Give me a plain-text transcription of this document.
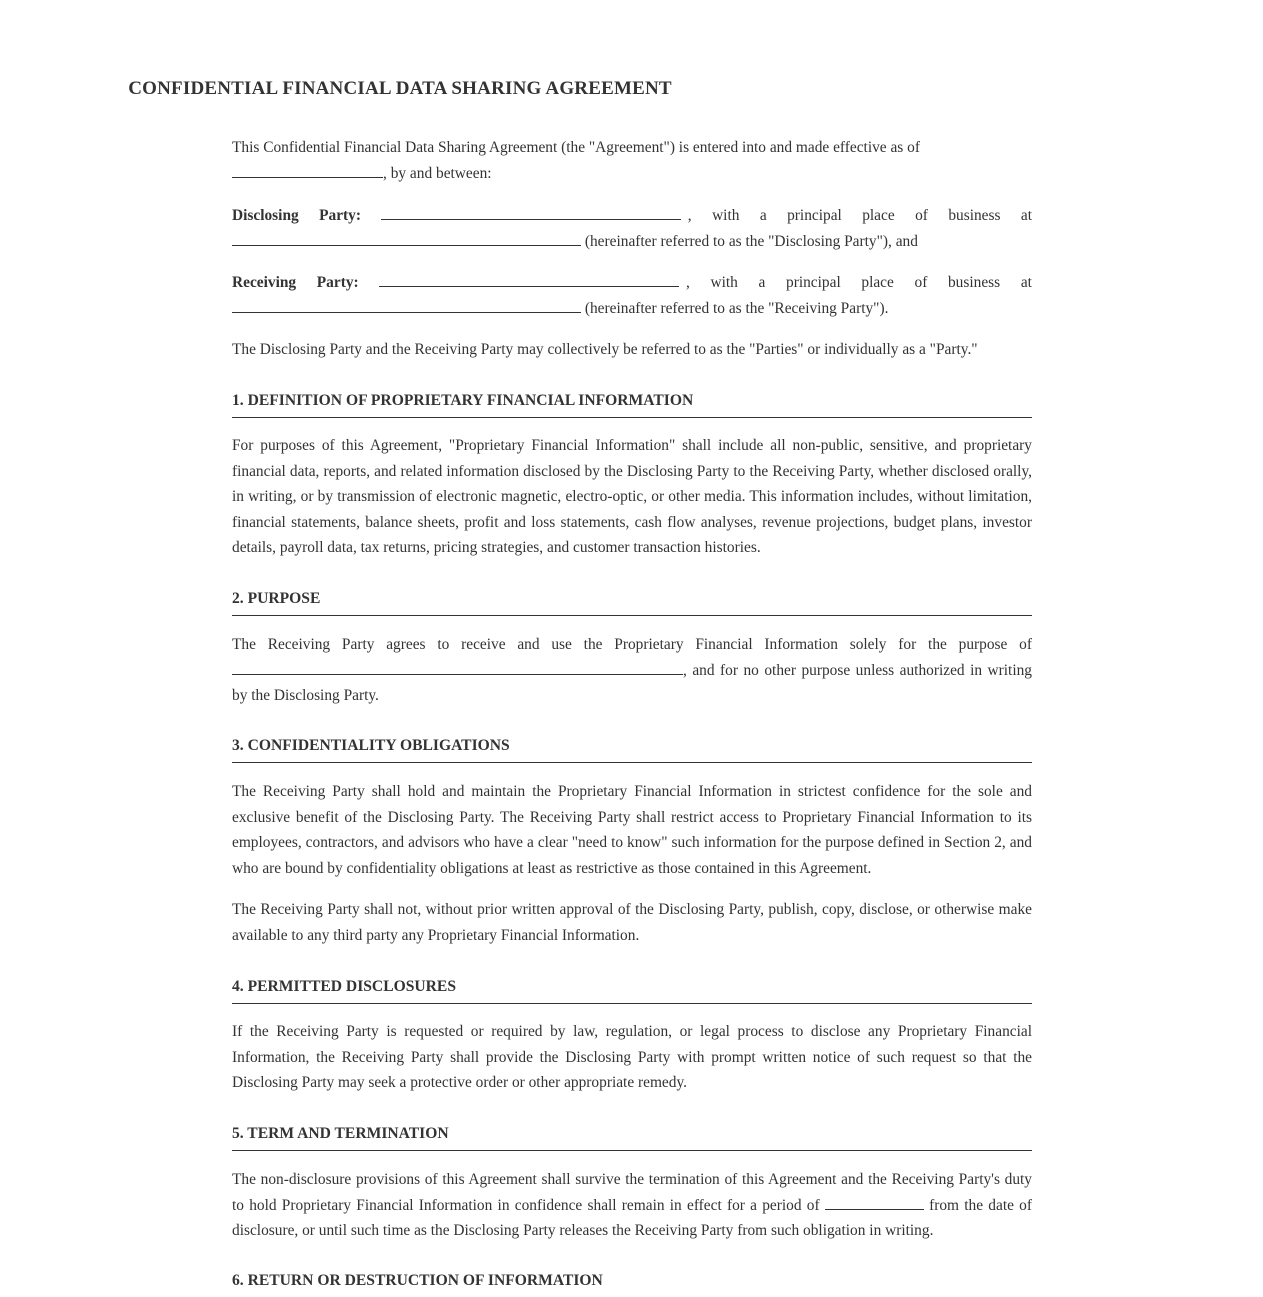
CONFIDENTIAL FINANCIAL DATA SHARING AGREEMENT

This Confidential Financial Data Sharing Agreement (the "Agreement") is entered into and made effective as of
, by and between:

Disclosing Party:	, with a principal place of business at

(hereinafter referred to as the "Disclosing Party"), and

Receiving Party:	, with a principal place of business at

(hereinafter referred to as the "Receiving Party").

The Disclosing Party and the Receiving Party may collectively be referred to as the "Parties" or individually as a "Party."

1. DEFINITION OF PROPRIETARY FINANCIAL INFORMATION

For purposes of this Agreement, "Proprietary Financial Information" shall include all non-public, sensitive, and proprietary financial data, reports, and related information disclosed by the Disclosing Party to the Receiving Party, whether disclosed orally, in writing, or by transmission of electronic magnetic, electro-optic, or other media. This information includes, without limitation, financial statements, balance sheets, profit and loss statements, cash flow analyses, revenue projections, budget plans, investor details, payroll data, tax returns, pricing strategies, and customer transaction histories.

2. PURPOSE

The Receiving Party agrees to receive and use the Proprietary Financial Information solely for the purpose of , and for no other purpose unless authorized in writing by the Disclosing Party.

3. CONFIDENTIALITY OBLIGATIONS

The Receiving Party shall hold and maintain the Proprietary Financial Information in strictest confidence for the sole and exclusive benefit of the Disclosing Party. The Receiving Party shall restrict access to Proprietary Financial Information to its employees, contractors, and advisors who have a clear "need to know" such information for the purpose defined in Section 2, and who are bound by confidentiality obligations at least as restrictive as those contained in this Agreement.

The Receiving Party shall not, without prior written approval of the Disclosing Party, publish, copy, disclose, or otherwise make available to any third party any Proprietary Financial Information.

4. PERMITTED DISCLOSURES

If the Receiving Party is requested or required by law, regulation, or legal process to disclose any Proprietary Financial Information, the Receiving Party shall provide the Disclosing Party with prompt written notice of such request so that the Disclosing Party may seek a protective order or other appropriate remedy.

5. TERM AND TERMINATION

The non-disclosure provisions of this Agreement shall survive the termination of this Agreement and the Receiving Party's duty to hold Proprietary Financial Information in confidence shall remain in effect for a period of	from the date of disclosure, or until such time as the Disclosing Party releases the Receiving Party from such obligation in writing.

6. RETURN OR DESTRUCTION OF INFORMATION
